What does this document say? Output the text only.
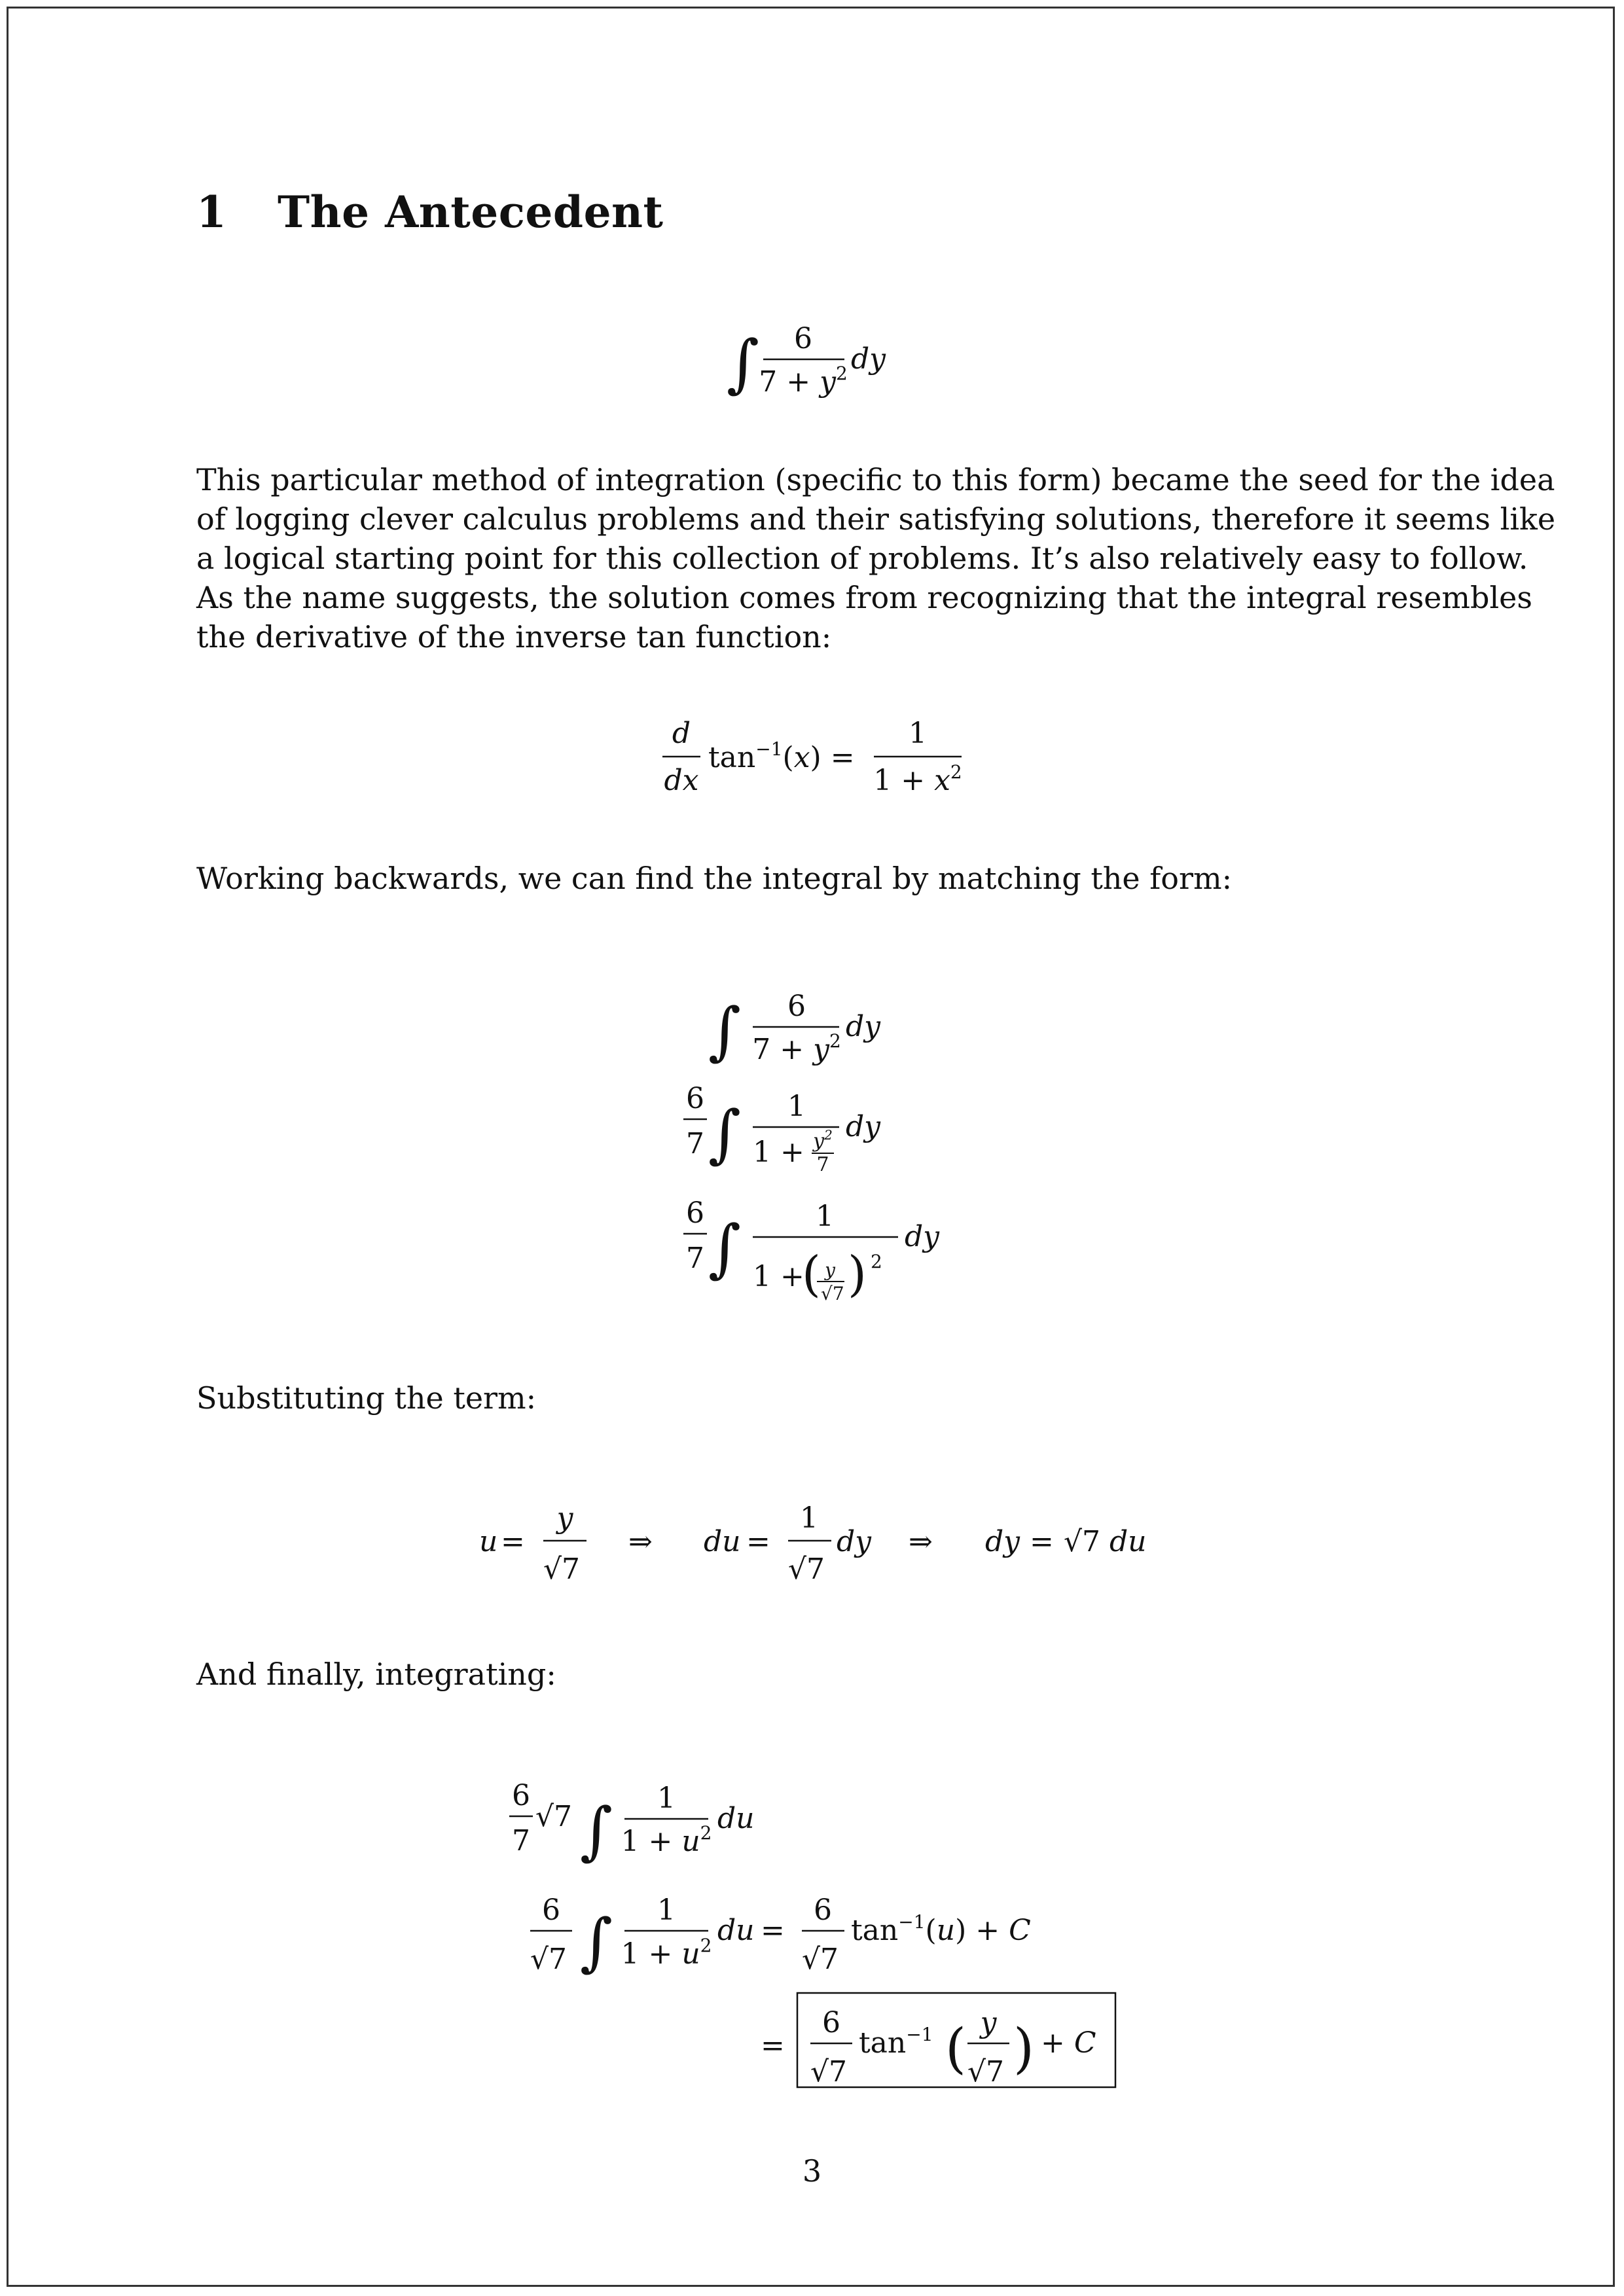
1 The Antecedent
∫ 6
$7 + y^2$ dy
This particular method of integration (specific to this form) became the seed for the idea
of logging clever calculus problems and their satisfying solutions, therefore it seems like
a logical starting point for this collection of problems. It’s also relatively easy to follow.
As the name suggests, the solution comes from recognizing that the integral resembles
the derivative of the inverse tan function:
d
dx
$\tan^{-1}(x)$ =
1
$1 + x^2$
Working backwards, we can find the integral by matching the form:
∫ 6
$7 + y^2$ dy
6
7 ∫ 1
$1 + y^2$
7
dy
6
7 ∫	1
1 +
( y
√7 ) 2
dy
Substituting the term:
u =
y
√7
⇒ du =
1
√7
dy ⇒ dy = √7 du
And finally, integrating:
6
7
√7 ∫ 1
$1 + u^2$ du
6
√7 ∫ 1
$1 + u^2$ du =
6
√7
$\tan^{-1}(u) + C$
=
6
√7
$\tan^{-1}$ ( y
√7 ) + C
3
